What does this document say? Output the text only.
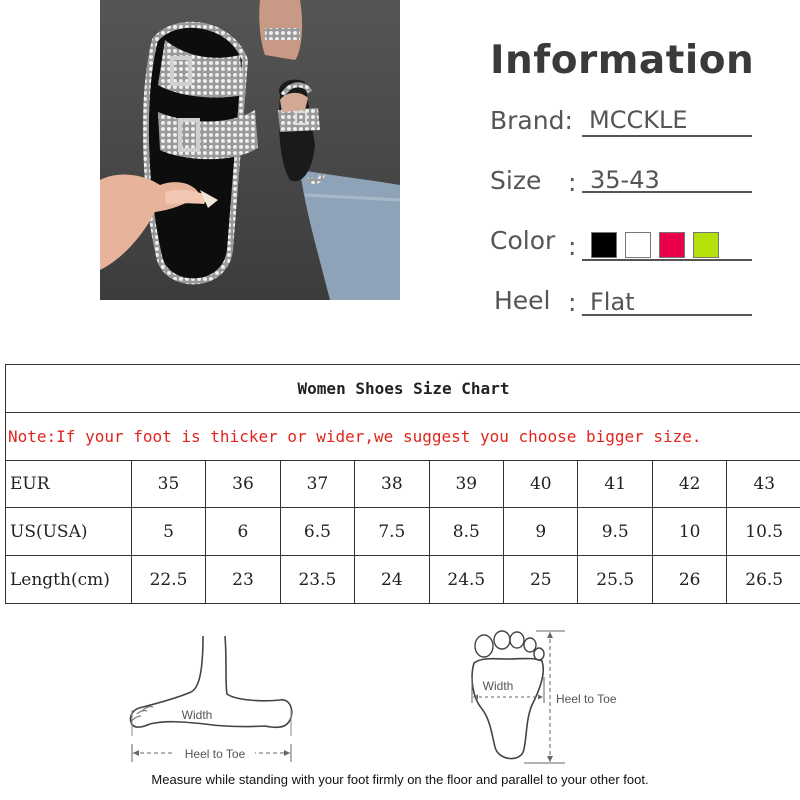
Information
Brand: MCCKLE
Size : 35-43
Color :
Heel : Flat
Women Shoes Size Chart									
Note:If your foot is thicker or wider,we suggest you choose bigger size.									
EUR	35	36	37	38	39	40	41	42	43
US(USA)	5	6	6.5	7.5	8.5	9	9.5	10	10.5
Length(cm)	22.5	23	23.5	24	24.5	25	25.5	26	26.5
Heel to Toe
Width
Width
Heel to Toe
Measure while standing with your foot firmly on the floor and parallel to your other foot.
